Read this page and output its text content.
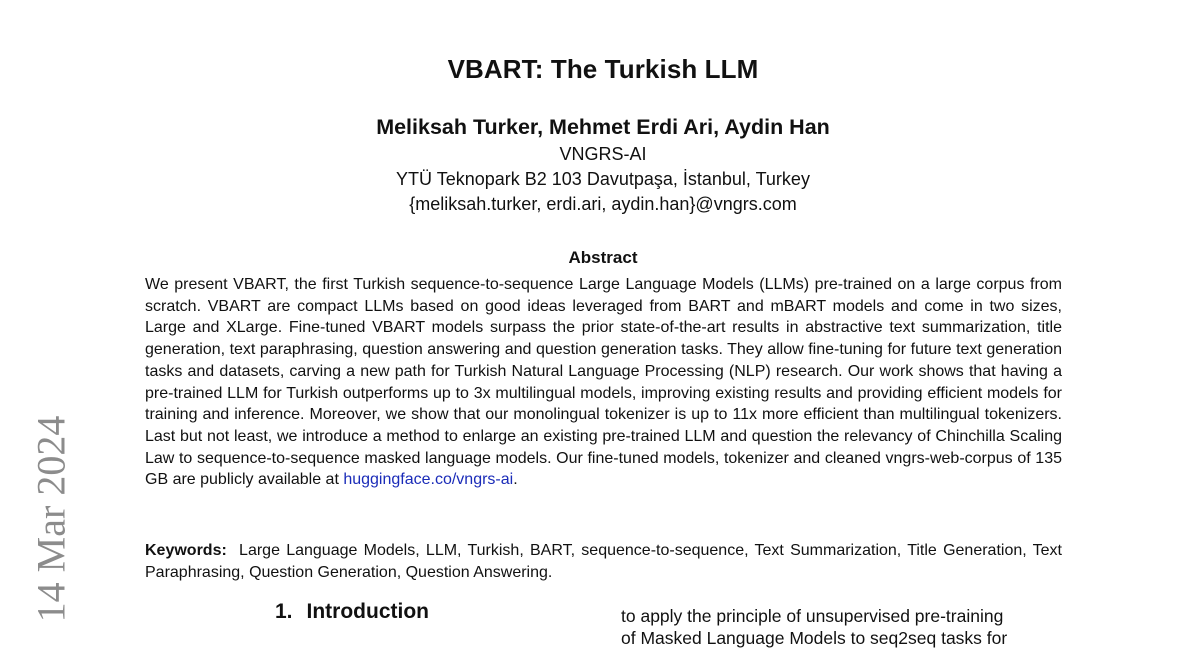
VBART: The Turkish LLM
Meliksah Turker, Mehmet Erdi Ari, Aydin Han
VNGRS-AI
YTÜ Teknopark B2 103 Davutpaşa, İstanbul, Turkey
{meliksah.turker, erdi.ari, aydin.han}@vngrs.com
Abstract

We present VBART, the first Turkish sequence-to-sequence Large Language Models (LLMs) pre-trained on a large corpus from scratch. VBART are compact LLMs based on good ideas leveraged from BART and mBART models and come in two sizes, Large and XLarge. Fine-tuned VBART models surpass the prior state-of-the-art results in abstractive text summarization, title generation, text paraphrasing, question answering and question generation tasks. They allow fine-tuning for future text generation tasks and datasets, carving a new path for Turkish Natural Language Processing (NLP) research. Our work shows that having a pre-trained LLM for Turkish outperforms up to 3x multilingual models, improving existing results and providing efficient models for training and inference. Moreover, we show that our monolingual tokenizer is up to 11x more efficient than multilingual tokenizers. Last but not least, we introduce a method to enlarge an existing pre-trained LLM and question the relevancy of Chinchilla Scaling Law to sequence-to-sequence masked language models. Our fine-tuned models, tokenizer and cleaned vngrs-web-corpus of 135 GB are publicly available at huggingface.co/vngrs-ai.

Keywords: Large Language Models, LLM, Turkish, BART, sequence-to-sequence, Text Summarization, Title Generation, Text Paraphrasing, Question Generation, Question Answering.

1. Introduction	to apply the principle of unsupervised pre-training
of Masked Language Models to seq2seq tasks for

14 Mar 2024
